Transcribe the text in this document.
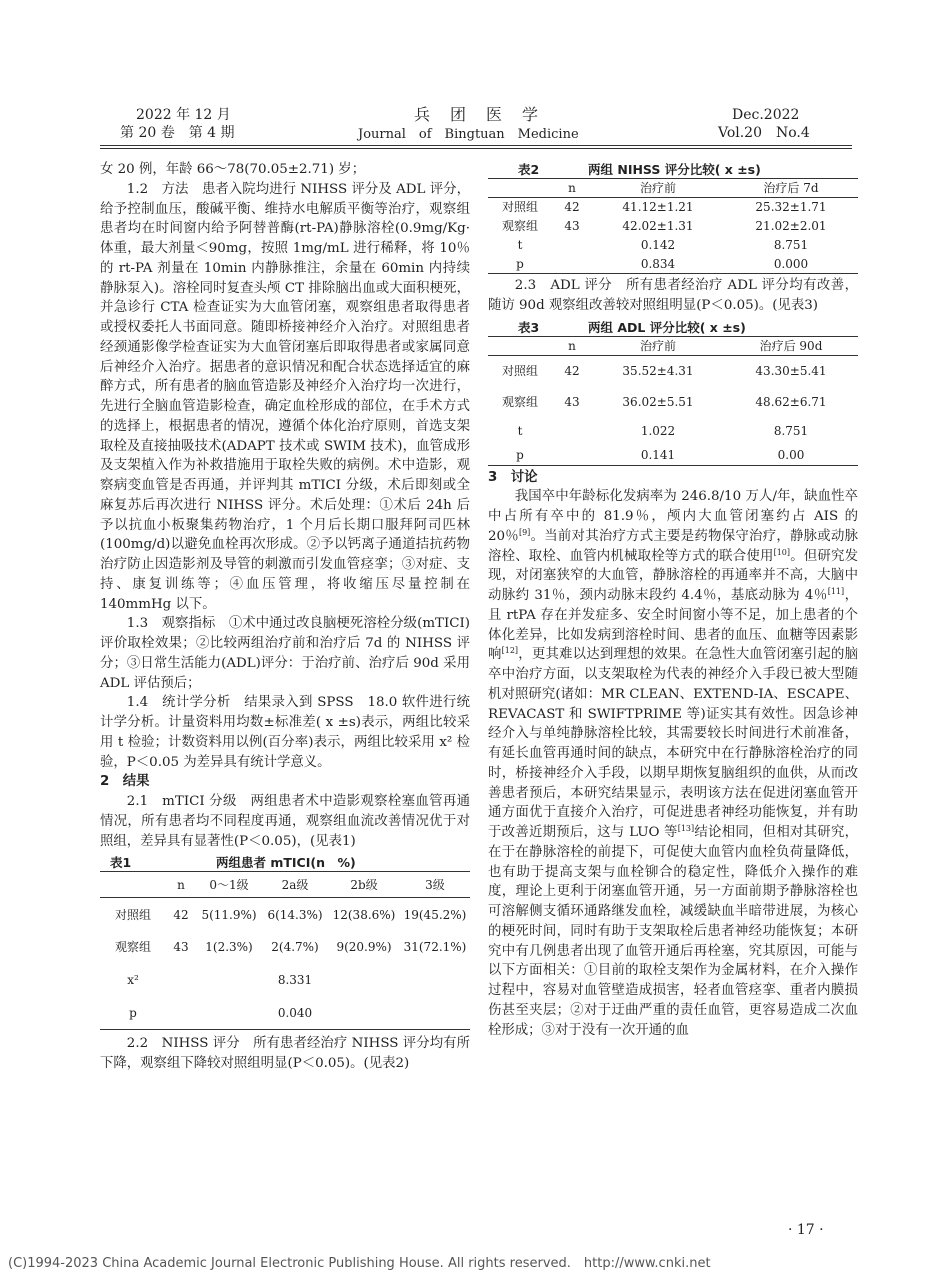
2022 年 12 月
第 20 卷　第 4 期
兵　团　医　学
Journal　of　Bingtuan　Medicine
Dec.2022
Vol.20　No.4

女 20 例，年龄 66～78(70.05±2.71) 岁；

1.2　方法　患者入院均进行 NIHSS 评分及 ADL 评分，给予控制血压，酸碱平衡、维持水电解质平衡等治疗，观察组患者均在时间窗内给予阿替普酶(rt-PA)静脉溶栓(0.9mg/Kg·体重，最大剂量＜90mg，按照 1mg/mL 进行稀释，将 10％的 rt-PA 剂量在 10min 内静脉推注，余量在 60min 内持续静脉泵入)。溶栓同时复查头颅 CT 排除脑出血或大面积梗死，并急诊行 CTA 检查证实为大血管闭塞，观察组患者取得患者或授权委托人书面同意。随即桥接神经介入治疗。对照组患者经颈通影像学检查证实为大血管闭塞后即取得患者或家属同意后神经介入治疗。据患者的意识情况和配合状态选择适宜的麻醉方式，所有患者的脑血管造影及神经介入治疗均一次进行，先进行全脑血管造影检查，确定血栓形成的部位，在手术方式的选择上，根据患者的情况，遵循个体化治疗原则，首选支架取栓及直接抽吸技术(ADAPT 技术或 SWIM 技术)，血管成形及支架植入作为补救措施用于取栓失败的病例。术中造影，观察病变血管是否再通，并评判其 mTICI 分级，术后即刻或全麻复苏后再次进行 NIHSS 评分。术后处理：①术后 24h 后予以抗血小板聚集药物治疗，1 个月后长期口服拜阿司匹林(100mg/d)以避免血栓再次形成。②予以钙离子通道拮抗药物治疗防止因造影剂及导管的刺激而引发血管痉挛；③对症、支持、康复训练等；④血压管理，将收缩压尽量控制在 140mmHg 以下。

1.3　观察指标　①术中通过改良脑梗死溶栓分级(mTICI)评价取栓效果；②比较两组治疗前和治疗后 7d 的 NIHSS 评分；③日常生活能力(ADL)评分：于治疗前、治疗后 90d 采用 ADL 评估预后；

1.4　统计学分析　结果录入到 SPSS　18.0 软件进行统计学分析。计量资料用均数±标准差( x ±s)表示，两组比较采用 t 检验；计数资料用以例(百分率)表示，两组比较采用 x² 检验，P＜0.05 为差异具有统计学意义。

2　结果

2.1　mTICI 分级　两组患者术中造影观察栓塞血管再通情况，所有患者均不同程度再通，观察组血流改善情况优于对照组，差异具有显著性(P＜0.05)，(见表1)

表1	两组患者 mTICI(n　%)
	n	0～1级	2a级	2b级	3级
对照组	42	5(11.9%)	6(14.3%)	12(38.6%)	19(45.2%)
观察组	43	1(2.3%)	2(4.7%)	9(20.9%)	31(72.1%)
x²			8.331		
p			0.040		

2.2　NIHSS 评分　所有患者经治疗 NIHSS 评分均有所下降，观察组下降较对照组明显(P＜0.05)。(见表2)

表2	两组 NIHSS 评分比较( x ±s)
	n	治疗前	治疗后 7d
对照组	42	41.12±1.21	25.32±1.71
观察组	43	42.02±1.31	21.02±2.01
t		0.142	8.751
p		0.834	0.000

2.3　ADL 评分　所有患者经治疗 ADL 评分均有改善，随访 90d 观察组改善较对照组明显(P＜0.05)。(见表3)

表3	两组 ADL 评分比较( x ±s)
	n	治疗前	治疗后 90d
对照组	42	35.52±4.31	43.30±5.41
观察组	43	36.02±5.51	48.62±6.71
t		1.022	8.751
p		0.141	0.00

3　讨论

我国卒中年龄标化发病率为 246.8/10 万人/年，缺血性卒中占所有卒中的 81.9％，颅内大血管闭塞约占 AIS 的 20％[9]。当前对其治疗方式主要是药物保守治疗，静脉或动脉溶栓、取栓、血管内机械取栓等方式的联合使用[10]。但研究发现，对闭塞狭窄的大血管，静脉溶栓的再通率并不高，大脑中动脉约 31％，颈内动脉末段约 4.4％，基底动脉为 4％[11]，且 rtPA 存在并发症多、安全时间窗小等不足，加上患者的个体化差异，比如发病到溶栓时间、患者的血压、血糖等因素影响[12]，更其难以达到理想的效果。在急性大血管闭塞引起的脑卒中治疗方面，以支架取栓为代表的神经介入手段已被大型随机对照研究(诸如：MR CLEAN、EXTEND-IA、ESCAPE、REVACAST 和 SWIFTPRIME 等)证实其有效性。因急诊神经介入与单纯静脉溶栓比较，其需要较长时间进行术前准备，有延长血管再通时间的缺点，本研究中在行静脉溶栓治疗的同时，桥接神经介入手段，以期早期恢复脑组织的血供，从而改善患者预后，本研究结果显示，表明该方法在促进闭塞血管开通方面优于直接介入治疗，可促进患者神经功能恢复，并有助于改善近期预后，这与 LUO 等[13]结论相同，但相对其研究，在于在静脉溶栓的前提下，可促使大血管内血栓负荷量降低，也有助于提高支架与血栓铆合的稳定性，降低介入操作的难度，理论上更利于闭塞血管开通，另一方面前期予静脉溶栓也可溶解侧支循环通路继发血栓，减缓缺血半暗带进展，为核心的梗死时间，同时有助于支架取栓后患者神经功能恢复；本研究中有几例患者出现了血管开通后再栓塞，究其原因，可能与以下方面相关：①目前的取栓支架作为金属材料，在介入操作过程中，容易对血管壁造成损害，轻者血管痉挛、重者内膜损伤甚至夹层；②对于迂曲严重的责任血管，更容易造成二次血栓形成；③对于没有一次开通的血

· 17 ·
(C)1994-2023 China Academic Journal Electronic Publishing House. All rights reserved.　http://www.cnki.net
